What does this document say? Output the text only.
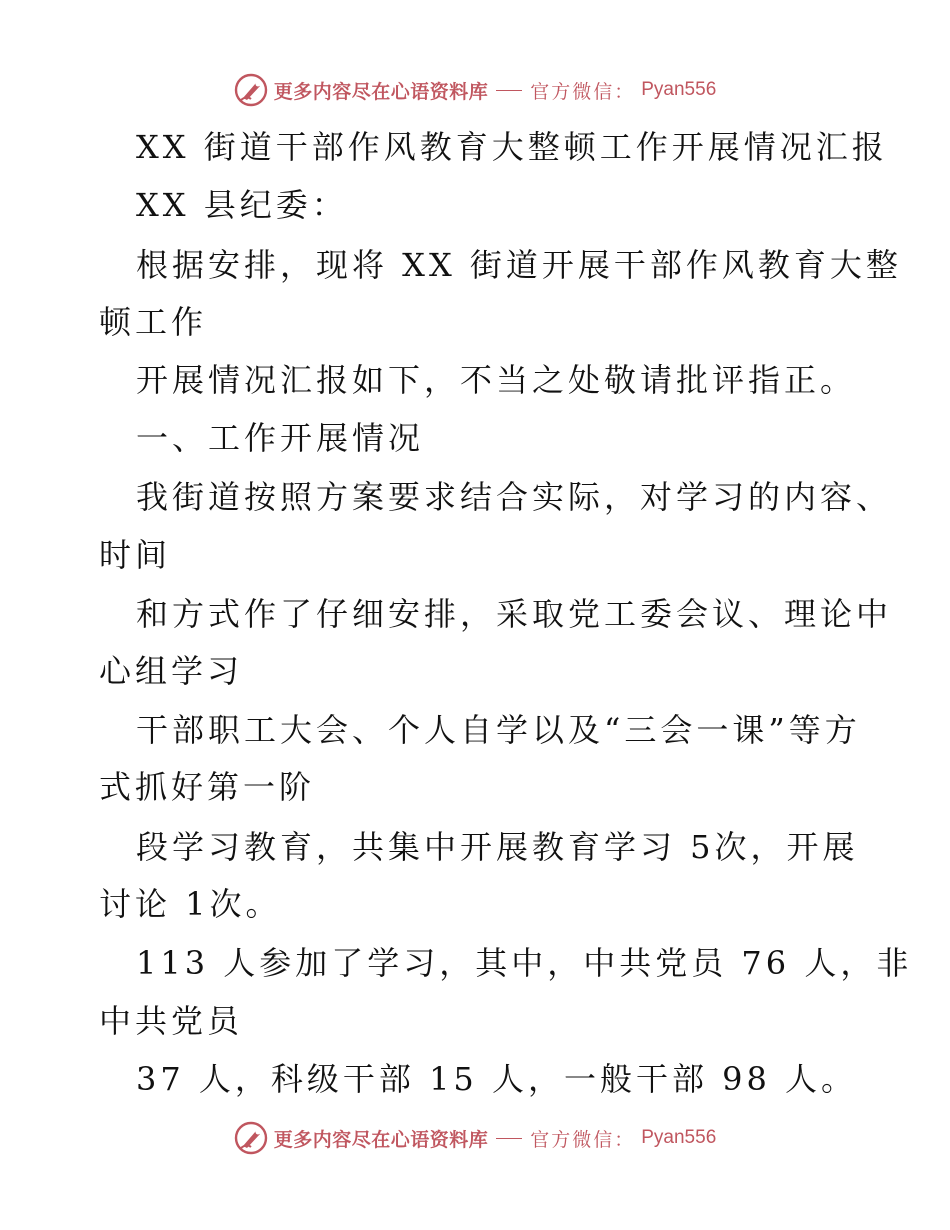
更多内容尽在心语资料库 官方微信： Pyan556
XX 街道干部作风教育大整顿工作开展情况汇报
XX 县纪委：
根据安排，现将 XX 街道开展干部作风教育大整
顿工作
开展情况汇报如下，不当之处敬请批评指正。
一、工作开展情况
我街道按照方案要求结合实际，对学习的内容、
时间
和方式作了仔细安排，采取党工委会议、理论中
心组学习
干部职工大会、个人自学以及“三会一课”等方
式抓好第一阶
段学习教育，共集中开展教育学习 5次，开展
讨论 1次。
113 人参加了学习，其中，中共党员 76 人，非
中共党员
37 人，科级干部 15 人，一般干部 98 人。
更多内容尽在心语资料库 官方微信： Pyan556
